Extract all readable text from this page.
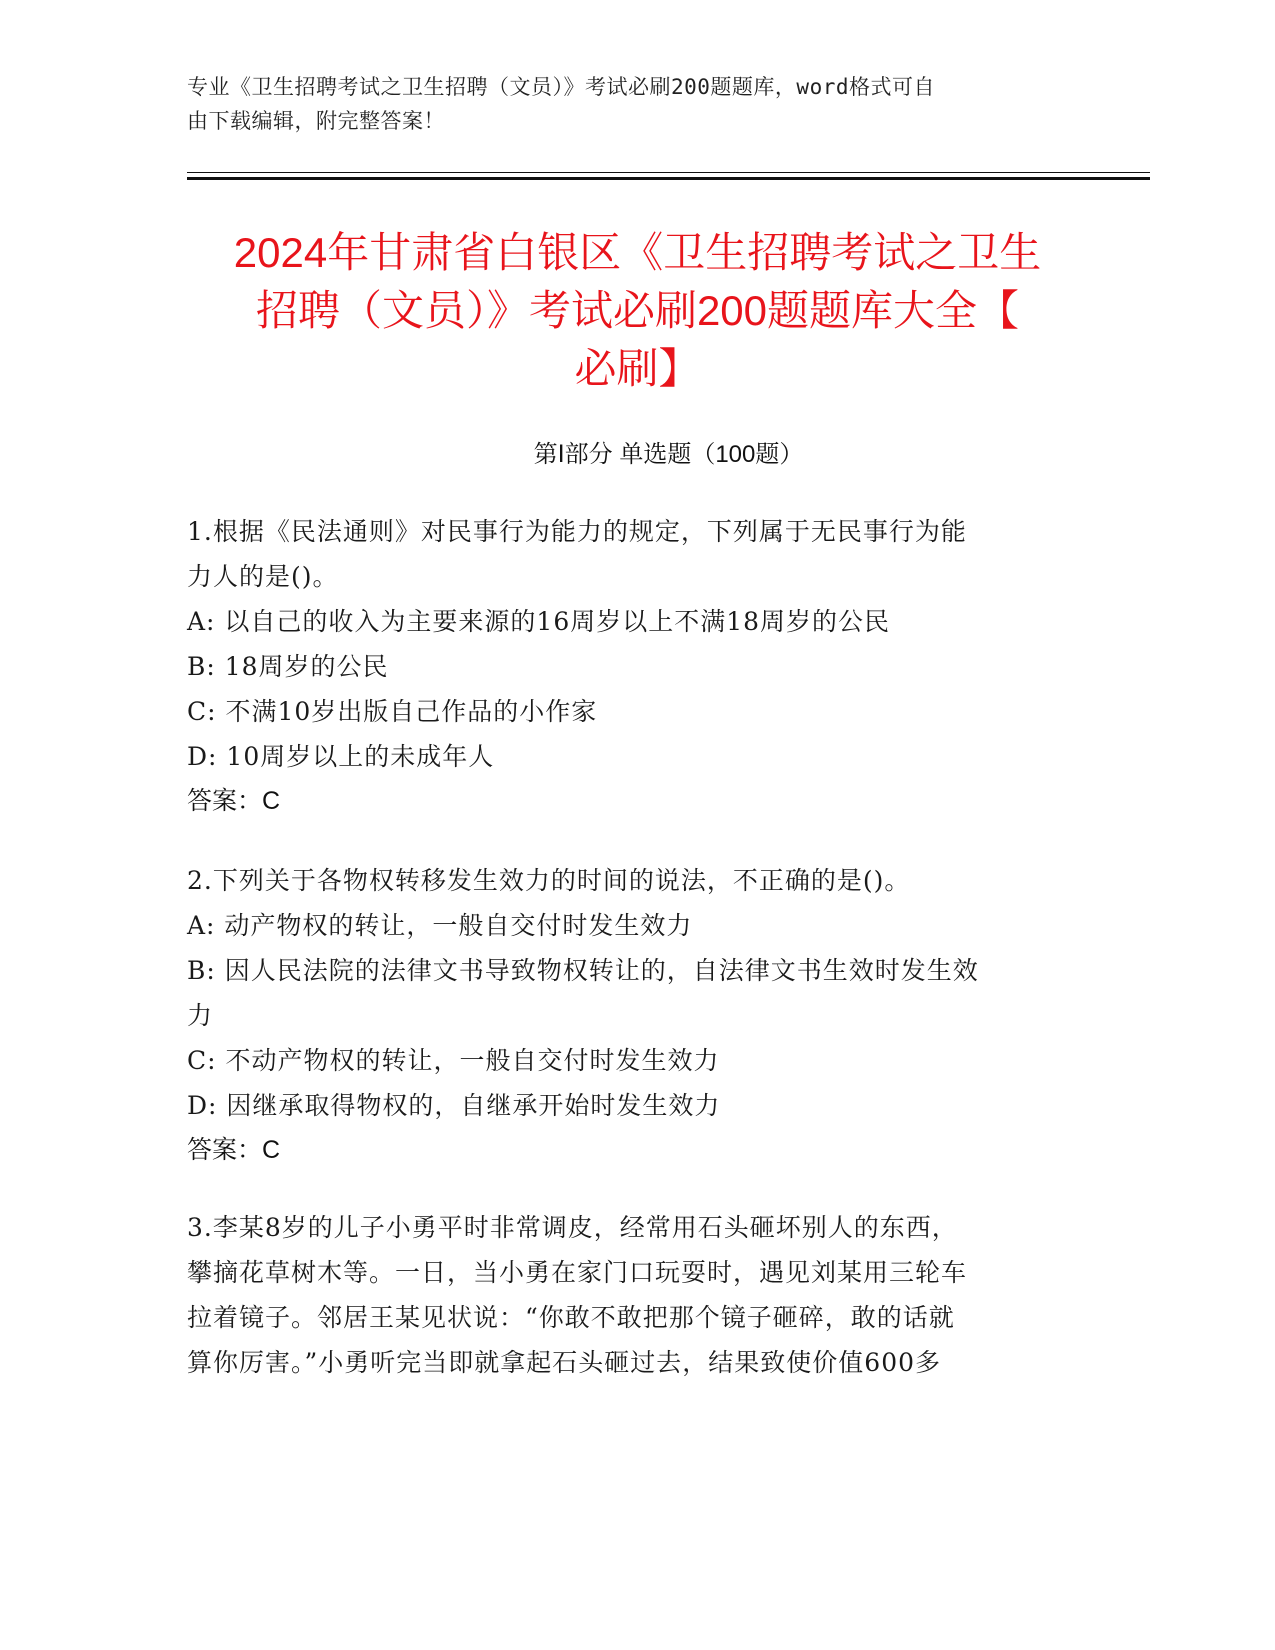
专业《卫生招聘考试之卫生招聘（文员）》考试必刷200题题库，word格式可自
由下载编辑，附完整答案！
2024年甘肃省白银区《卫生招聘考试之卫生
招聘（文员）》考试必刷200题题库大全【
必刷】
第Ⅰ部分 单选题（100题）

1.根据《民法通则》对民事行为能力的规定，下列属于无民事行为能

力人的是()。

A: 以自己的收入为主要来源的16周岁以上不满18周岁的公民

B: 18周岁的公民

C: 不满10岁出版自己作品的小作家

D: 10周岁以上的未成年人

答案：C

2.下列关于各物权转移发生效力的时间的说法，不正确的是()。

A: 动产物权的转让，一般自交付时发生效力

B: 因人民法院的法律文书导致物权转让的，自法律文书生效时发生效

力

C: 不动产物权的转让，一般自交付时发生效力

D: 因继承取得物权的，自继承开始时发生效力

答案：C

3.李某8岁的儿子小勇平时非常调皮，经常用石头砸坏别人的东西，

攀摘花草树木等。一日，当小勇在家门口玩耍时，遇见刘某用三轮车

拉着镜子。邻居王某见状说：“你敢不敢把那个镜子砸碎，敢的话就

算你厉害。”小勇听完当即就拿起石头砸过去，结果致使价值600多
